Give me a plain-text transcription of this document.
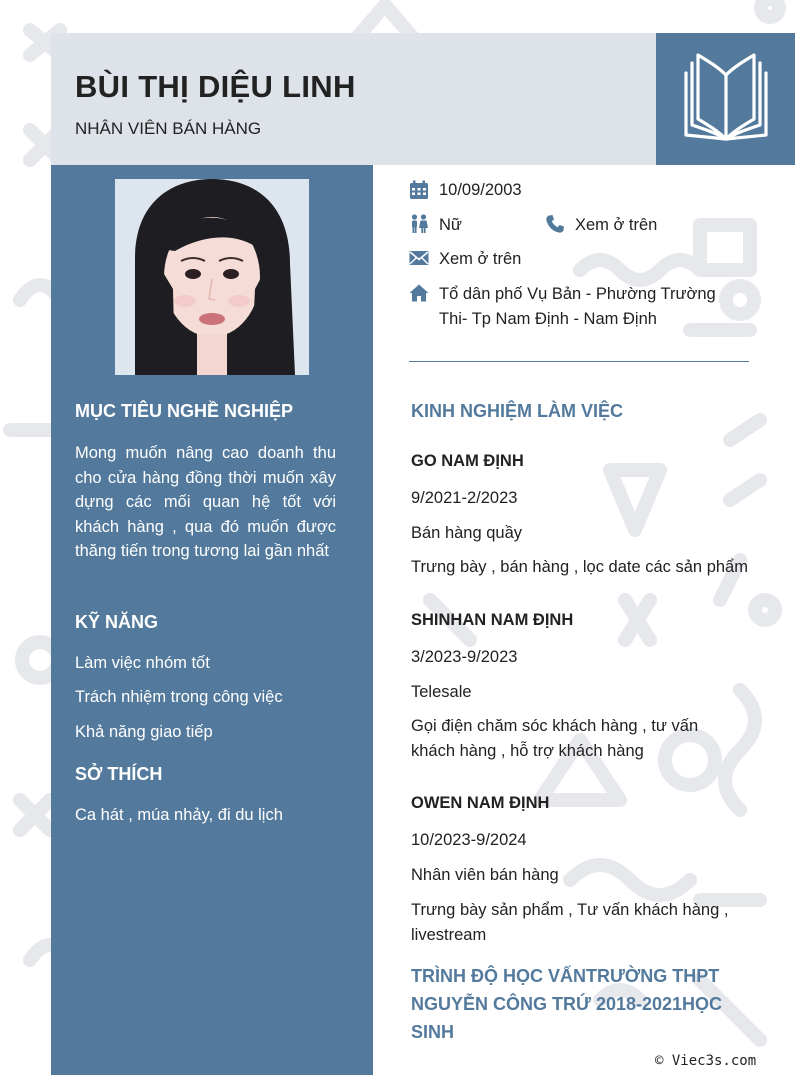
BÙI THỊ DIỆU LINH
NHÂN VIÊN BÁN HÀNG
MỤC TIÊU NGHỀ NGHIỆP
Mong muốn nâng cao doanh thu cho cửa hàng đồng thời muốn xây dựng các mối quan hệ tốt với khách hàng , qua đó muốn được thăng tiến trong tương lai gần nhất
KỸ NĂNG
Làm việc nhóm tốt
Trách nhiệm trong công việc
Khả năng giao tiếp
SỞ THÍCH
Ca hát , múa nhảy, đi du lịch
10/09/2003
Nữ	Xem ở trên
Xem ở trên
Tổ dân phố Vụ Bản - Phường Trường
Thi- Tp Nam Định - Nam Định
KINH NGHIỆM LÀM VIỆC
GO NAM ĐỊNH
9/2021-2/2023
Bán hàng quầy
Trưng bày , bán hàng , lọc date các sản phẩm
SHINHAN NAM ĐỊNH
3/2023-9/2023
Telesale
Gọi điện chăm sóc khách hàng , tư vấn khách hàng , hỗ trợ khách hàng
OWEN NAM ĐỊNH
10/2023-9/2024
Nhân viên bán hàng
Trưng bày sản phẩm , Tư vấn khách hàng , livestream
TRÌNH ĐỘ HỌC VẤNTRƯỜNG THPT NGUYỄN CÔNG TRỨ 2018-2021HỌC SINH
© Viec3s.com
